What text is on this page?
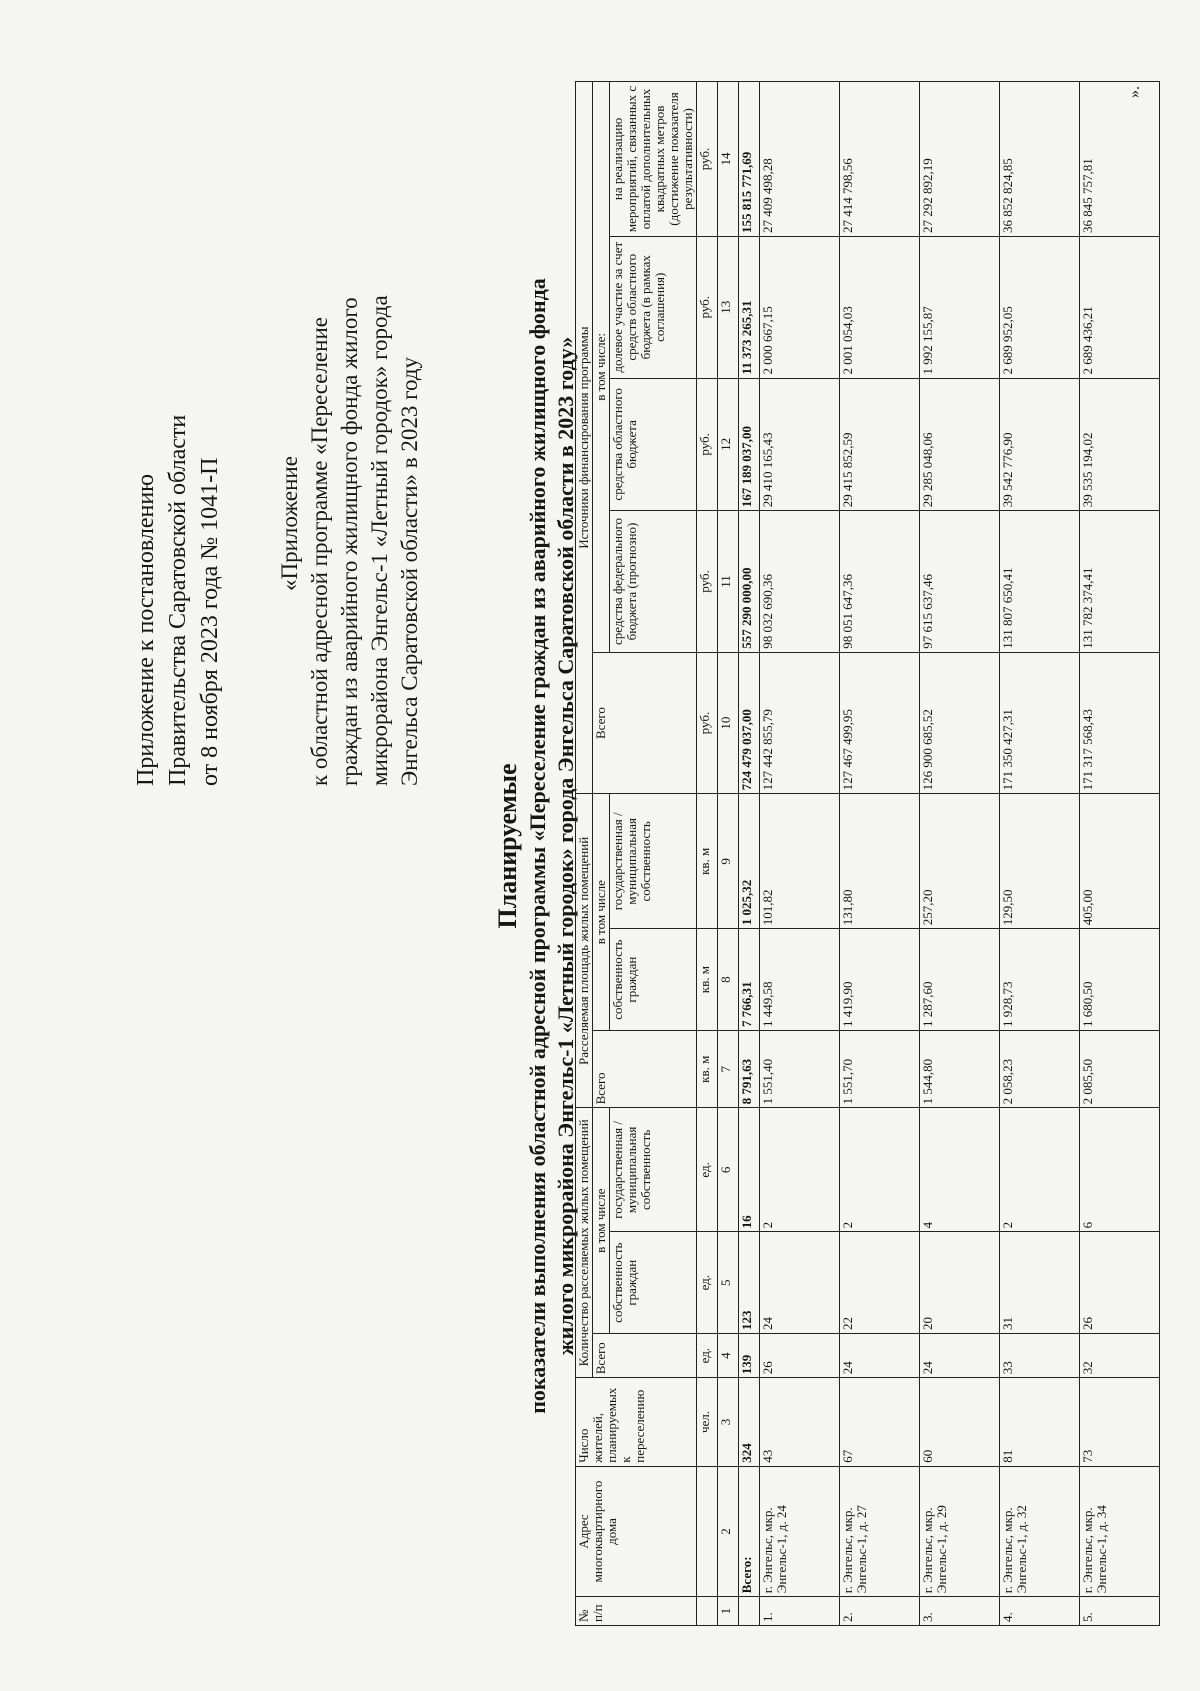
Приложение к постановлению Правительства Саратовской области от 8 ноября 2023 года № 1041-П «Приложение к областной адресной программе «Переселение граждан из аварийного жилищного фонда жилого микрорайона Энгельс-1 «Летный городок» города Энгельса Саратовской области» в 2023 году
Планируемые показатели выполнения областной адресной программы «Переселение граждан из аварийного жилищного фонда жилого микрорайона Энгельс-1 «Летный городок» города Энгельса Саратовской области в 2023 году»
№ п/п	Адрес многоквартирного дома	Число жителей, планируемых к переселению	Количество расселяемых жилых помещений			Расселяемая площадь жилых помещений			Источники финансирования программы				
			Всего	в том числе		Всего	в том числе		Всего	в том числе:			
				собственность граждан	государственная / муниципальная собственность		собственность граждан	государственная / муниципальная собственность		средства федерального бюджета (прогнозно)	средства областного бюджета	долевое участие за счет средств областного бюджета (в рамках соглашения)	на реализацию мероприятий, связанных с оплатой дополнительных квадратных метров (достижение показателя результативности)
		чел.	ед.	ед.	ед.	кв. м	кв. м	кв. м	руб.	руб.	руб.	руб.	руб.
1	2	3	4	5	6	7	8	9	10	11	12	13	14
	Всего:	324	139	123	16	8 791,63	7 766,31	1 025,32	724 479 037,00	557 290 000,00	167 189 037,00	11 373 265,31	155 815 771,69
1.	г. Энгельс, мкр. Энгельс-1, д. 24	43	26	24	2	1 551,40	1 449,58	101,82	127 442 855,79	98 032 690,36	29 410 165,43	2 000 667,15	27 409 498,28
2.	г. Энгельс, мкр. Энгельс-1, д. 27	67	24	22	2	1 551,70	1 419,90	131,80	127 467 499,95	98 051 647,36	29 415 852,59	2 001 054,03	27 414 798,56
3.	г. Энгельс, мкр. Энгельс-1, д. 29	60	24	20	4	1 544,80	1 287,60	257,20	126 900 685,52	97 615 637,46	29 285 048,06	1 992 155,87	27 292 892,19
4.	г. Энгельс, мкр. Энгельс-1, д. 32	81	33	31	2	2 058,23	1 928,73	129,50	171 350 427,31	131 807 650,41	39 542 776,90	2 689 952,05	36 852 824,85
5.	г. Энгельс, мкр. Энгельс-1, д. 34	73	32	26	6	2 085,50	1 680,50	405,00	171 317 568,43	131 782 374,41	39 535 194,02	2 689 436,21	36 845 757,81
».
